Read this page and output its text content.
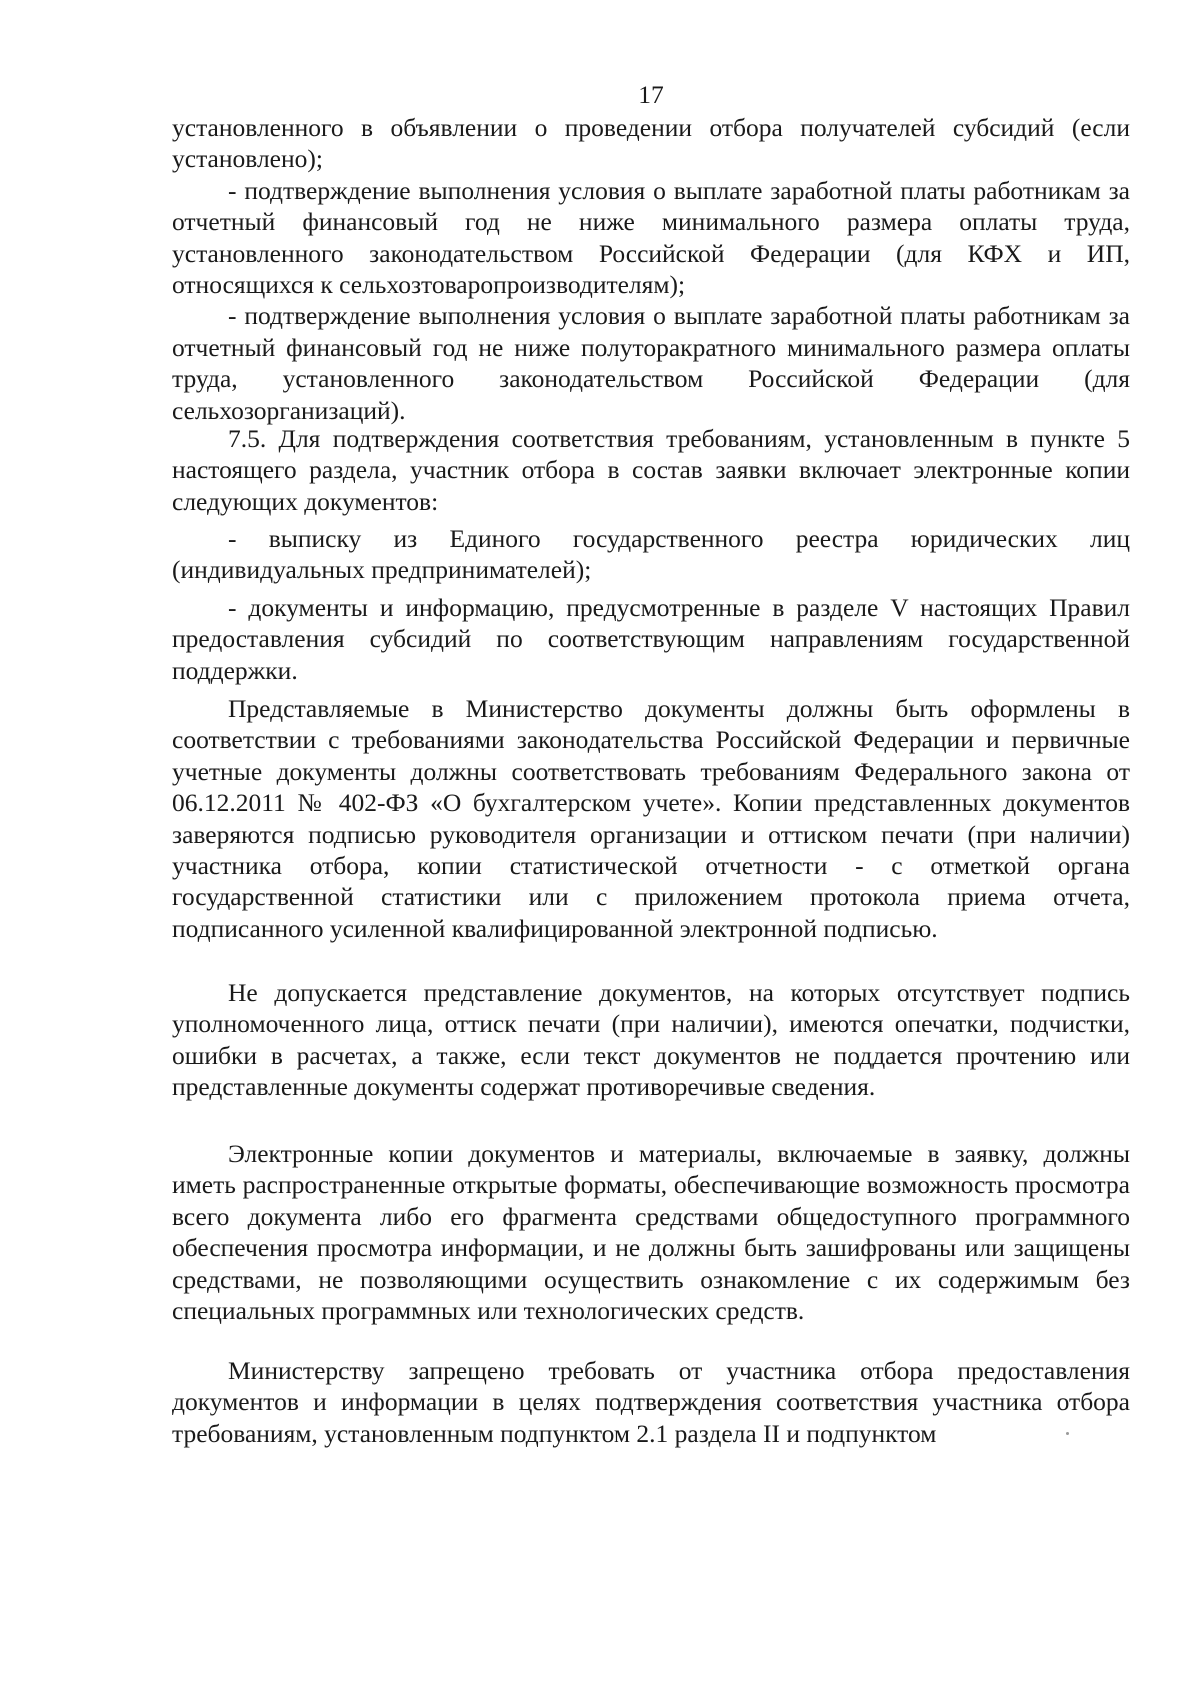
17

установленного в объявлении о проведении отбора получателей субсидий (если установлено);

- подтверждение выполнения условия о выплате заработной платы работникам за отчетный финансовый год не ниже минимального размера оплаты труда, установленного законодательством Российской Федерации (для КФХ и ИП, относящихся к сельхозтоваропроизводителям);

- подтверждение выполнения условия о выплате заработной платы работникам за отчетный финансовый год не ниже полуторакратного минимального размера оплаты труда, установленного законодательством Российской Федерации (для сельхозорганизаций).

7.5. Для подтверждения соответствия требованиям, установленным в пункте 5 настоящего раздела, участник отбора в состав заявки включает электронные копии следующих документов:

- выписку из Единого государственного реестра юридических лиц (индивидуальных предпринимателей);

- документы и информацию, предусмотренные в разделе V настоящих Правил предоставления субсидий по соответствующим направлениям государственной поддержки.

Представляемые в Министерство документы должны быть оформлены в соответствии с требованиями законодательства Российской Федерации и первичные учетные документы должны соответствовать требованиям Федерального закона от 06.12.2011 № 402-ФЗ «О бухгалтерском учете». Копии представленных документов заверяются подписью руководителя организации и оттиском печати (при наличии) участника отбора, копии статистической отчетности - с отметкой органа государственной статистики или с приложением протокола приема отчета, подписанного усиленной квалифицированной электронной подписью.

Не допускается представление документов, на которых отсутствует подпись уполномоченного лица, оттиск печати (при наличии), имеются опечатки, подчистки, ошибки в расчетах, а также, если текст документов не поддается прочтению или представленные документы содержат противоречивые сведения.

Электронные копии документов и материалы, включаемые в заявку, должны иметь распространенные открытые форматы, обеспечивающие возможность просмотра всего документа либо его фрагмента средствами общедоступного программного обеспечения просмотра информации, и не должны быть зашифрованы или защищены средствами, не позволяющими осуществить ознакомление с их содержимым без специальных программных или технологических средств.

Министерству запрещено требовать от участника отбора предоставления документов и информации в целях подтверждения соответствия участника отбора требованиям, установленным подпунктом 2.1 раздела II и подпунктом
